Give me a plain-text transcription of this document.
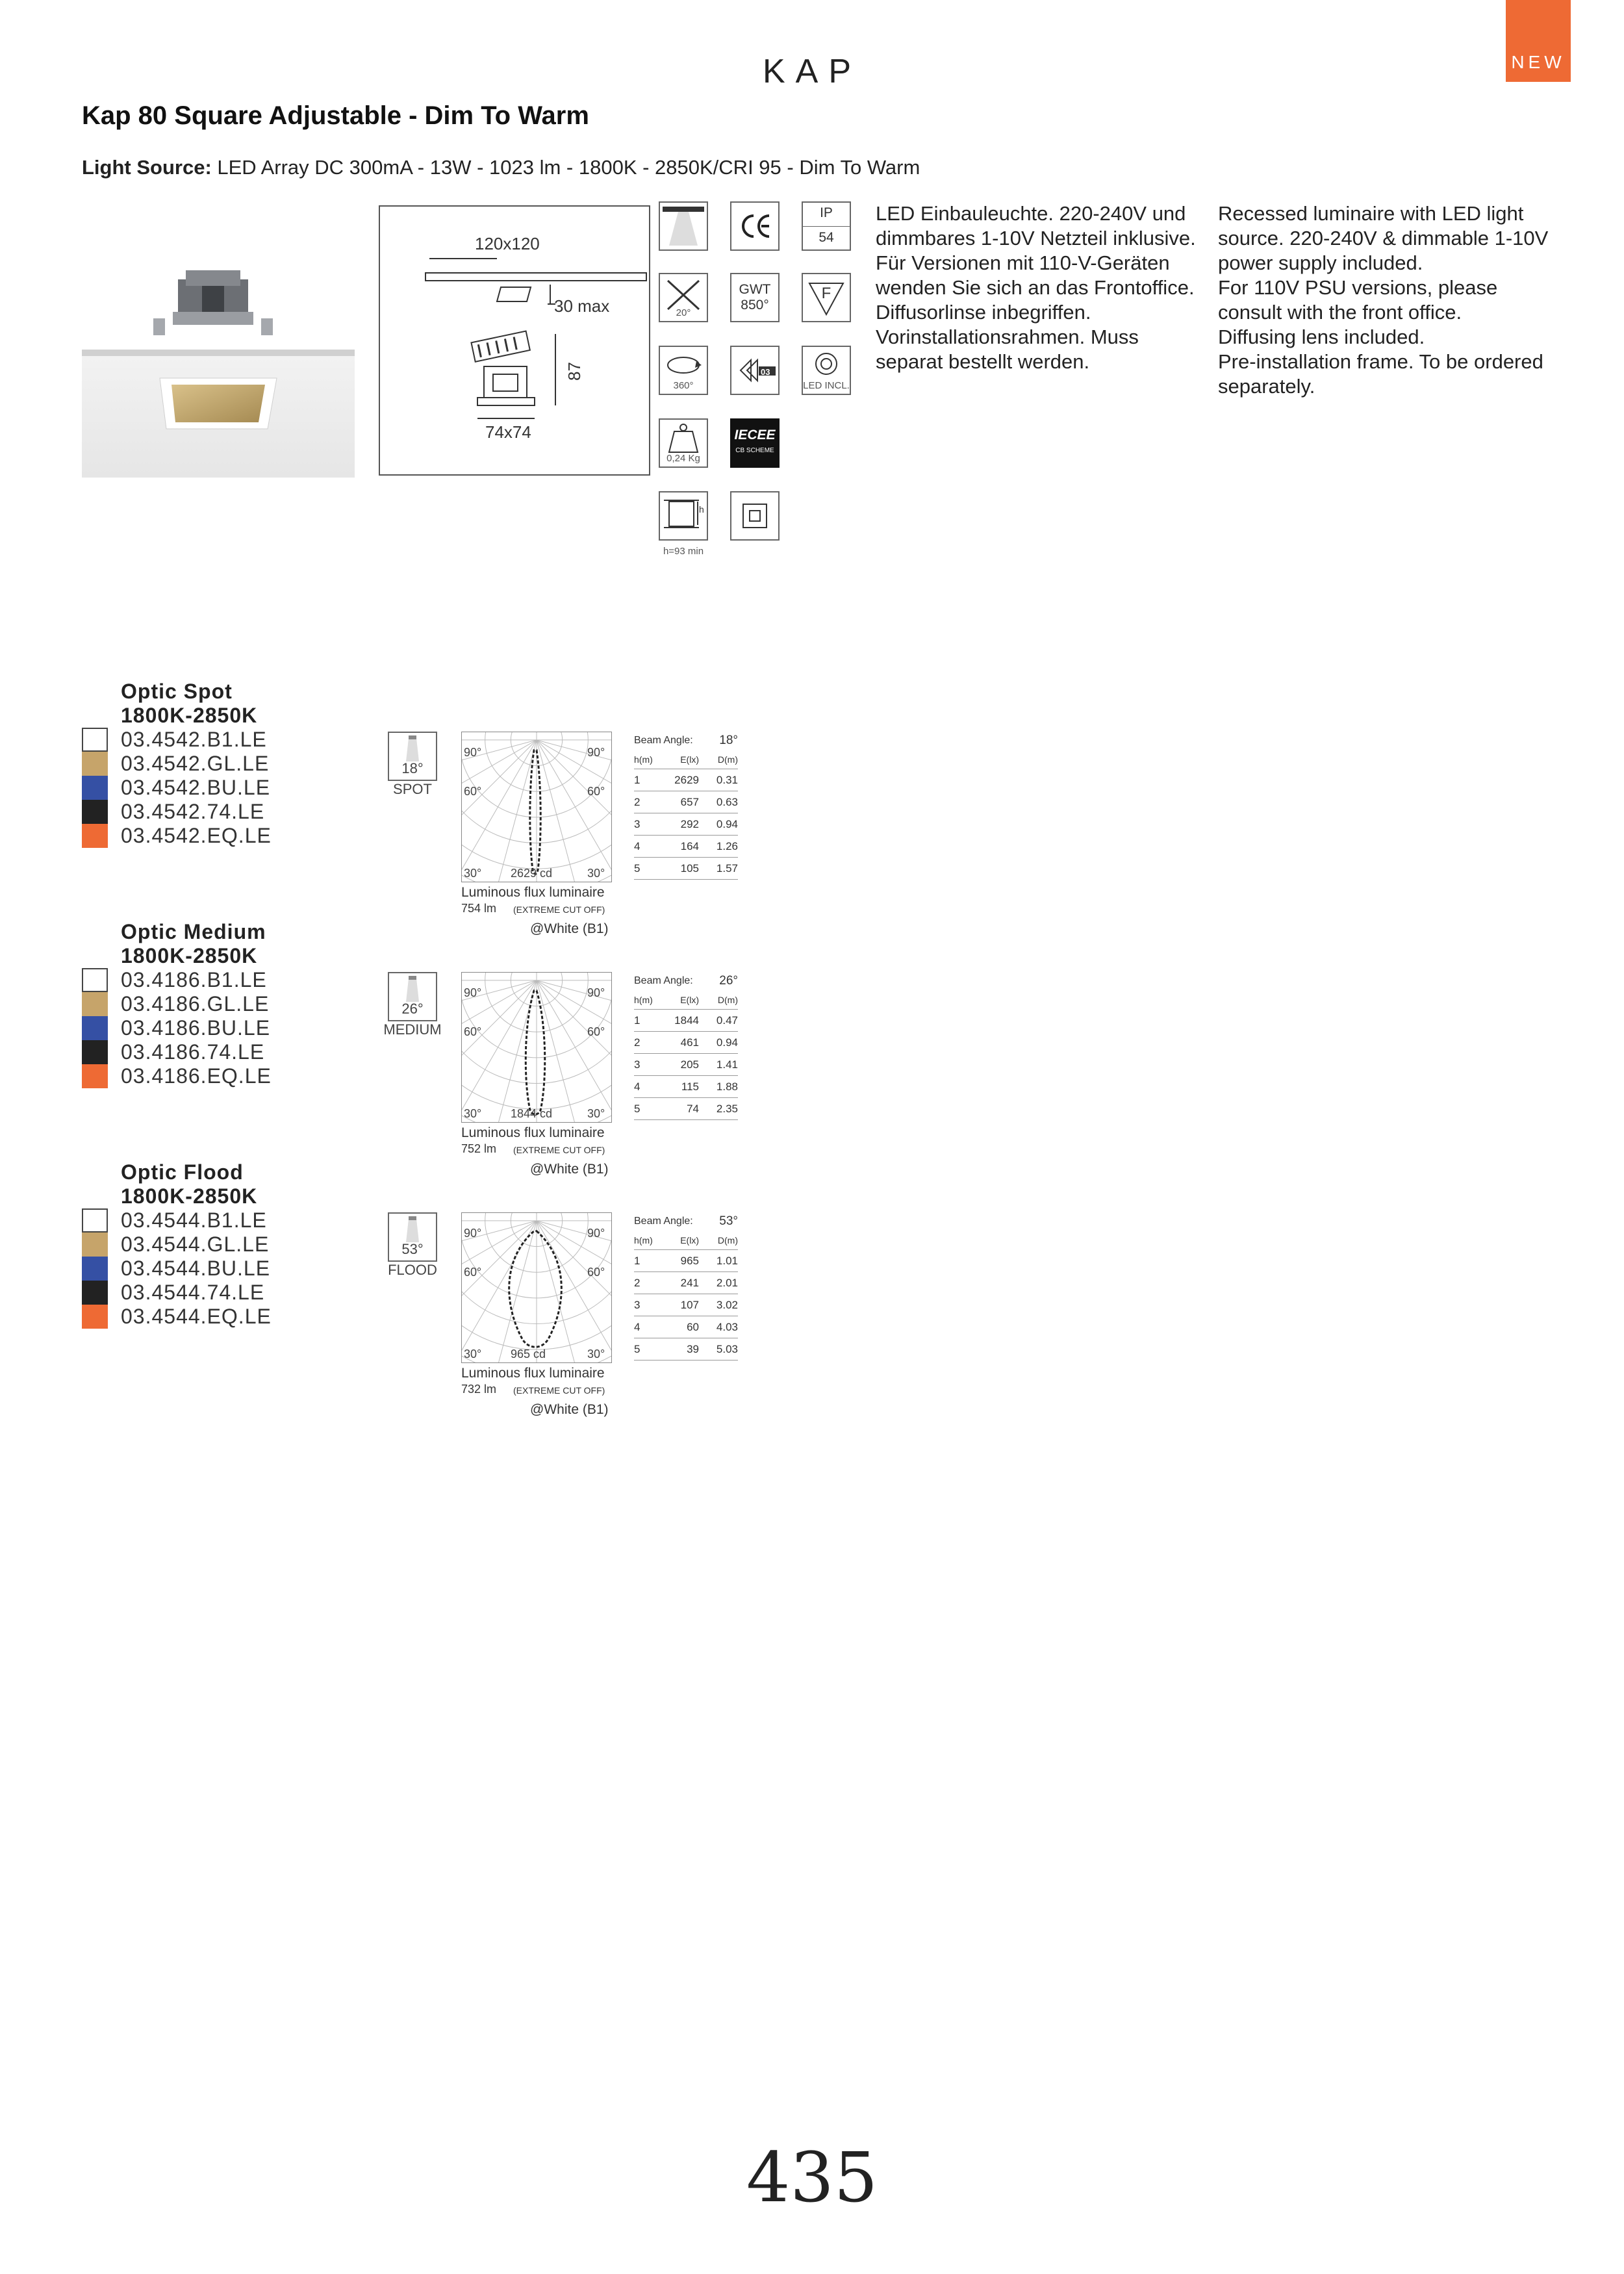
NEW
KAP
Kap 80 Square Adjustable - Dim To Warm
Light Source: LED Array DC 300mA - 13W - 1023 lm - 1800K - 2850K/CRI 95 - Dim To Warm
120x120
30 max
87
74x74
20°
360°
0,24 Kg
h
h=93 min
GWT
850°
03
IECEE
CB SCHEME
IP
54
F
LED INCL.
LED Einbauleuchte. 220-240V und
dimmbares 1-10V Netzteil inklusive.
Für Versionen mit 110-V-Geräten
wenden Sie sich an das Frontoffice.
Diffusorlinse inbegriffen.
Vorinstallationsrahmen. Muss
separat bestellt werden.
Recessed luminaire with LED light
source. 220-240V & dimmable 1-10V
power supply included.
For 110V PSU versions, please
consult with the front office.
Diffusing lens included.
Pre-installation frame. To be ordered
separately.
Optic Spot
1800K-2850K
03.4542.B1.LE
03.4542.GL.LE
03.4542.BU.LE
03.4542.74.LE
03.4542.EQ.LE
18°
SPOT
90°	90°
60°	60°
30°	30°
2629 cd
Luminous flux luminaire
754 lm (EXTREME CUT OFF)
@White (B1)
Beam Angle: 18°
h(m)	E(lx)	D(m)
1	2629	0.31
2	657	0.63
3	292	0.94
4	164	1.26
5	105	1.57
Optic Medium
1800K-2850K
03.4186.B1.LE
03.4186.GL.LE
03.4186.BU.LE
03.4186.74.LE
03.4186.EQ.LE
26°
MEDIUM
90°	90°
60°	60°
30°	30°
1844 cd
Luminous flux luminaire
752 lm (EXTREME CUT OFF)
@White (B1)
Beam Angle: 26°
h(m)	E(lx)	D(m)
1	1844	0.47
2	461	0.94
3	205	1.41
4	115	1.88
5	74	2.35
Optic Flood
1800K-2850K
03.4544.B1.LE
03.4544.GL.LE
03.4544.BU.LE
03.4544.74.LE
03.4544.EQ.LE
53°
FLOOD
90°	90°
60°	60°
30°	30°
965 cd
Luminous flux luminaire
732 lm (EXTREME CUT OFF)
@White (B1)
Beam Angle: 53°
h(m)	E(lx)	D(m)
1	965	1.01
2	241	2.01
3	107	3.02
4	60	4.03
5	39	5.03
435
